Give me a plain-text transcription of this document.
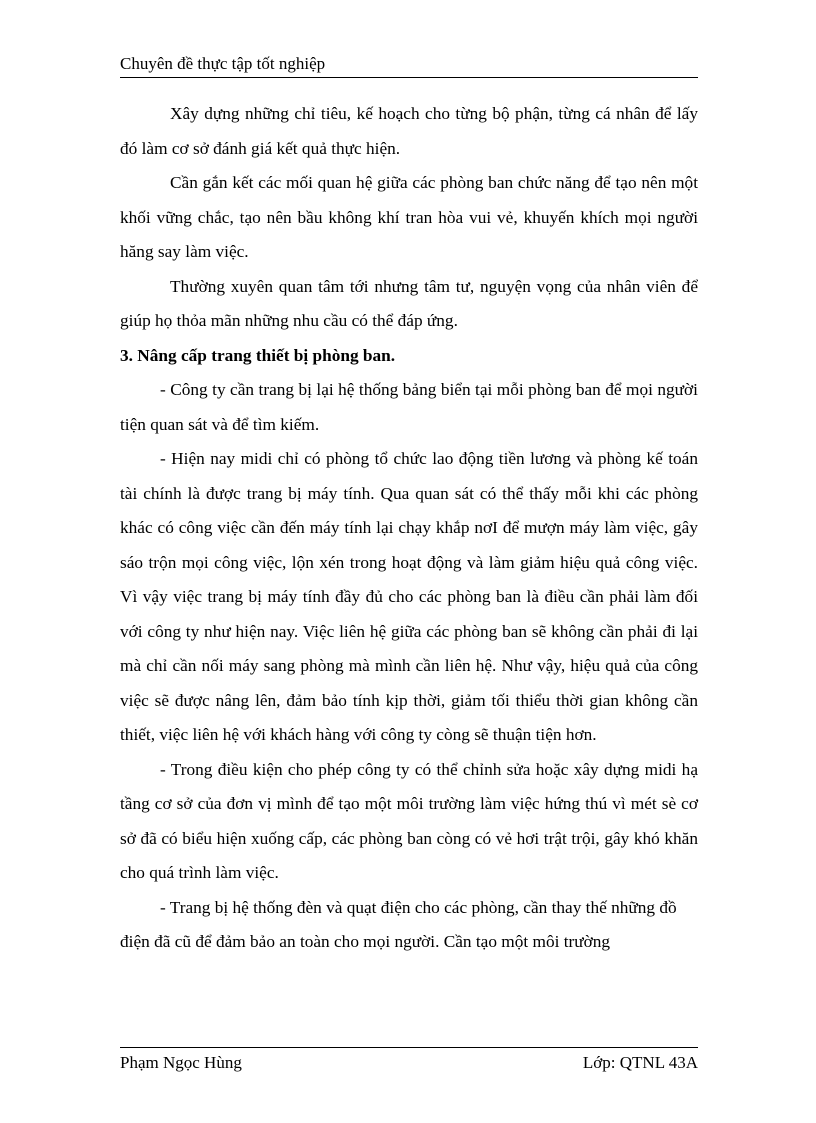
Chuyên đề thực tập tốt nghiệp

Xây dựng những chỉ tiêu, kế hoạch cho từng bộ phận, từng cá nhân để lấy đó làm cơ sở đánh giá kết quả thực hiện.

Cần gắn kết các mối quan hệ giữa các phòng ban chức năng để tạo nên một khối vững chắc, tạo nên bầu không khí tran hòa vui vẻ, khuyến khích mọi người hăng say làm việc.

Thường xuyên quan tâm tới nhưng tâm tư, nguyện vọng của nhân viên để giúp họ thỏa mãn những nhu cầu có thể đáp ứng.

3. Nâng cấp trang thiết bị phòng ban.

- Công ty cần trang bị lại hệ thống bảng biển tại mỗi phòng ban để mọi người tiện quan sát và để tìm kiếm.

- Hiện nay midi chỉ có phòng tổ chức lao động tiền lương và phòng kế toán tài chính là được trang bị máy tính. Qua quan sát có thể thấy mỗi khi các phòng khác có công việc cần đến máy tính lại chạy khắp nơI để mượn máy làm việc, gây sáo trộn mọi công việc, lộn xén trong hoạt động và làm giảm hiệu quả công việc. Vì vậy việc trang bị máy tính đầy đủ cho các phòng ban là điều cần phải làm đối với công ty như hiện nay. Việc liên hệ giữa các phòng ban sẽ không cần phải đi lại mà chỉ cần nối máy sang phòng mà mình cần liên hệ. Như vậy, hiệu quả của công việc sẽ được nâng lên, đảm bảo tính kịp thời, giảm tối thiểu thời gian không cần thiết, việc liên hệ với khách hàng với công ty còng sẽ thuận tiện hơn.

- Trong điều kiện cho phép công ty có thể chỉnh sửa hoặc xây dựng midi hạ tầng cơ sở của đơn vị mình để tạo một môi trường làm việc hứng thú vì mét sè cơ sở đã có biểu hiện xuống cấp, các phòng ban còng có vẻ hơi trật trội, gây khó khăn cho quá trình làm việc.

- Trang bị hệ thống đèn và quạt điện cho các phòng, cần thay thế những đồ điện đã cũ để đảm bảo an toàn cho mọi người. Cần tạo một môi trường

Phạm Ngọc Hùng	Lớp: QTNL 43A
